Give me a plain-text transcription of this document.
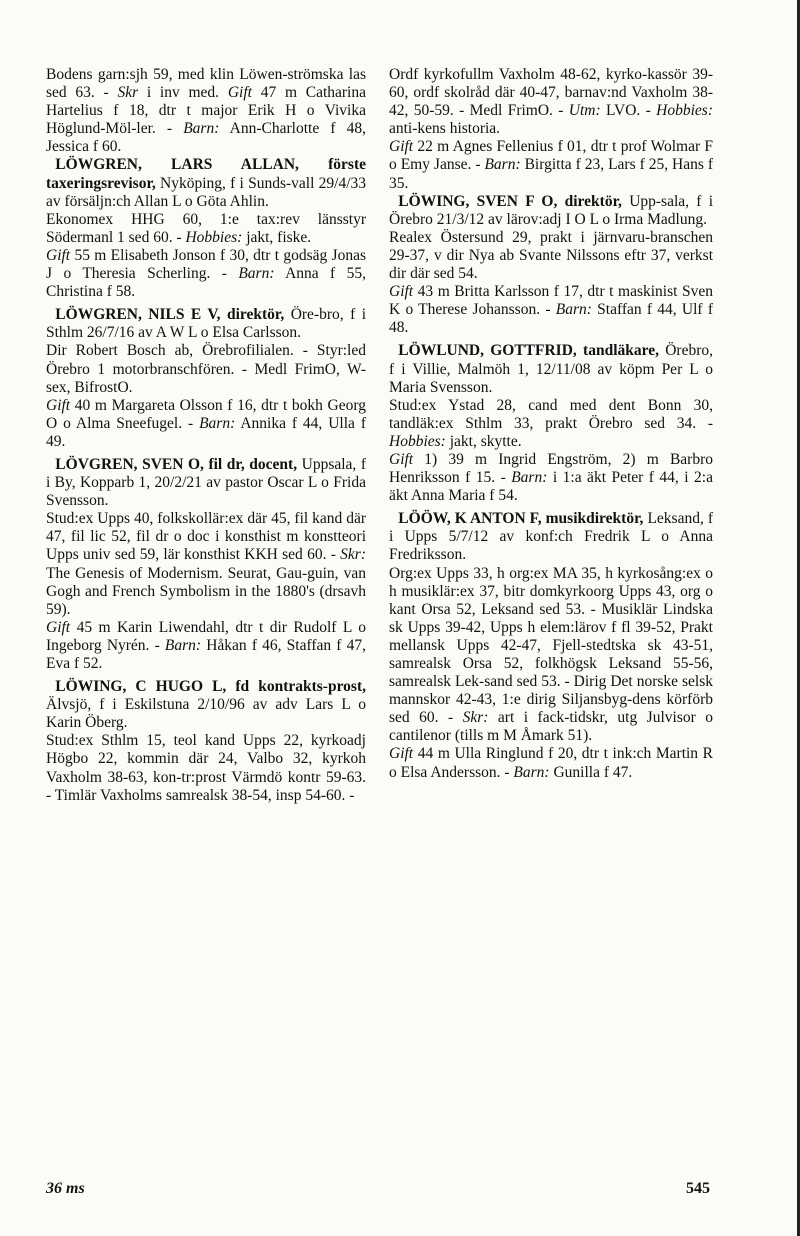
Bodens garn:sjh 59, med klin Löwen-strömska las sed 63. - Skr i inv med. Gift 47 m Catharina Hartelius f 18, dtr t major Erik H o Vivika Höglund-Möl-ler. - Barn: Ann-Charlotte f 48, Jessica f 60.

LÖWGREN, LARS ALLAN, förste taxeringsrevisor, Nyköping, f i Sunds-vall 29/4/33 av försäljn:ch Allan L o Göta Ahlin.

Ekonomex HHG 60, 1:e tax:rev länsstyr Södermanl 1 sed 60. - Hobbies: jakt, fiske.

Gift 55 m Elisabeth Jonson f 30, dtr t godsäg Jonas J o Theresia Scherling. - Barn: Anna f 55, Christina f 58.

LÖWGREN, NILS E V, direktör, Öre-bro, f i Sthlm 26/7/16 av A W L o Elsa Carlsson.

Dir Robert Bosch ab, Örebrofilialen. - Styr:led Örebro 1 motorbranschfören. - Medl FrimO, W-sex, BifrostO.

Gift 40 m Margareta Olsson f 16, dtr t bokh Georg O o Alma Sneefugel. - Barn: Annika f 44, Ulla f 49.

LÖVGREN, SVEN O, fil dr, docent, Uppsala, f i By, Kopparb 1, 20/2/21 av pastor Oscar L o Frida Svensson.

Stud:ex Upps 40, folkskollär:ex där 45, fil kand där 47, fil lic 52, fil dr o doc i konsthist m konstteori Upps univ sed 59, lär konsthist KKH sed 60. - Skr: The Genesis of Modernism. Seurat, Gau-guin, van Gogh and French Symbolism in the 1880's (drsavh 59).

Gift 45 m Karin Liwendahl, dtr t dir Rudolf L o Ingeborg Nyrén. - Barn: Håkan f 46, Staffan f 47, Eva f 52.

LÖWING, C HUGO L, fd kontrakts-prost, Älvsjö, f i Eskilstuna 2/10/96 av adv Lars L o Karin Öberg.

Stud:ex Sthlm 15, teol kand Upps 22, kyrkoadj Högbo 22, kommin där 24, Valbo 32, kyrkoh Vaxholm 38-63, kon-tr:prost Värmdö kontr 59-63. - Timlär Vaxholms samrealsk 38-54, insp 54-60. -

Ordf kyrkofullm Vaxholm 48-62, kyrko-kassör 39-60, ordf skolråd där 40-47, barnav:nd Vaxholm 38-42, 50-59. - Medl FrimO. - Utm: LVO. - Hobbies: anti-kens historia.

Gift 22 m Agnes Fellenius f 01, dtr t prof Wolmar F o Emy Janse. - Barn: Birgitta f 23, Lars f 25, Hans f 35.

LÖWING, SVEN F O, direktör, Upp-sala, f i Örebro 21/3/12 av lärov:adj I O L o Irma Madlung.

Realex Östersund 29, prakt i järnvaru-branschen 29-37, v dir Nya ab Svante Nilssons eftr 37, verkst dir där sed 54.

Gift 43 m Britta Karlsson f 17, dtr t maskinist Sven K o Therese Johansson. - Barn: Staffan f 44, Ulf f 48.

LÖWLUND, GOTTFRID, tandläkare, Örebro, f i Villie, Malmöh 1, 12/11/08 av köpm Per L o Maria Svensson.

Stud:ex Ystad 28, cand med dent Bonn 30, tandläk:ex Sthlm 33, prakt Örebro sed 34. - Hobbies: jakt, skytte.

Gift 1) 39 m Ingrid Engström, 2) m Barbro Henriksson f 15. - Barn: i 1:a äkt Peter f 44, i 2:a äkt Anna Maria f 54.

LÖÖW, K ANTON F, musikdirektör, Leksand, f i Upps 5/7/12 av konf:ch Fredrik L o Anna Fredriksson.

Org:ex Upps 33, h org:ex MA 35, h kyrkosång:ex o h musiklär:ex 37, bitr domkyrkoorg Upps 43, org o kant Orsa 52, Leksand sed 53. - Musiklär Lindska sk Upps 39-42, Upps h elem:lärov f fl 39-52, Prakt mellansk Upps 42-47, Fjell-stedtska sk 43-51, samrealsk Orsa 52, folkhögsk Leksand 55-56, samrealsk Lek-sand sed 53. - Dirig Det norske selsk mannskor 42-43, 1:e dirig Siljansbyg-dens körförb sed 60. - Skr: art i fack-tidskr, utg Julvisor o cantilenor (tills m M Åmark 51).

Gift 44 m Ulla Ringlund f 20, dtr t ink:ch Martin R o Elsa Andersson. - Barn: Gunilla f 47.

36 ms	545
